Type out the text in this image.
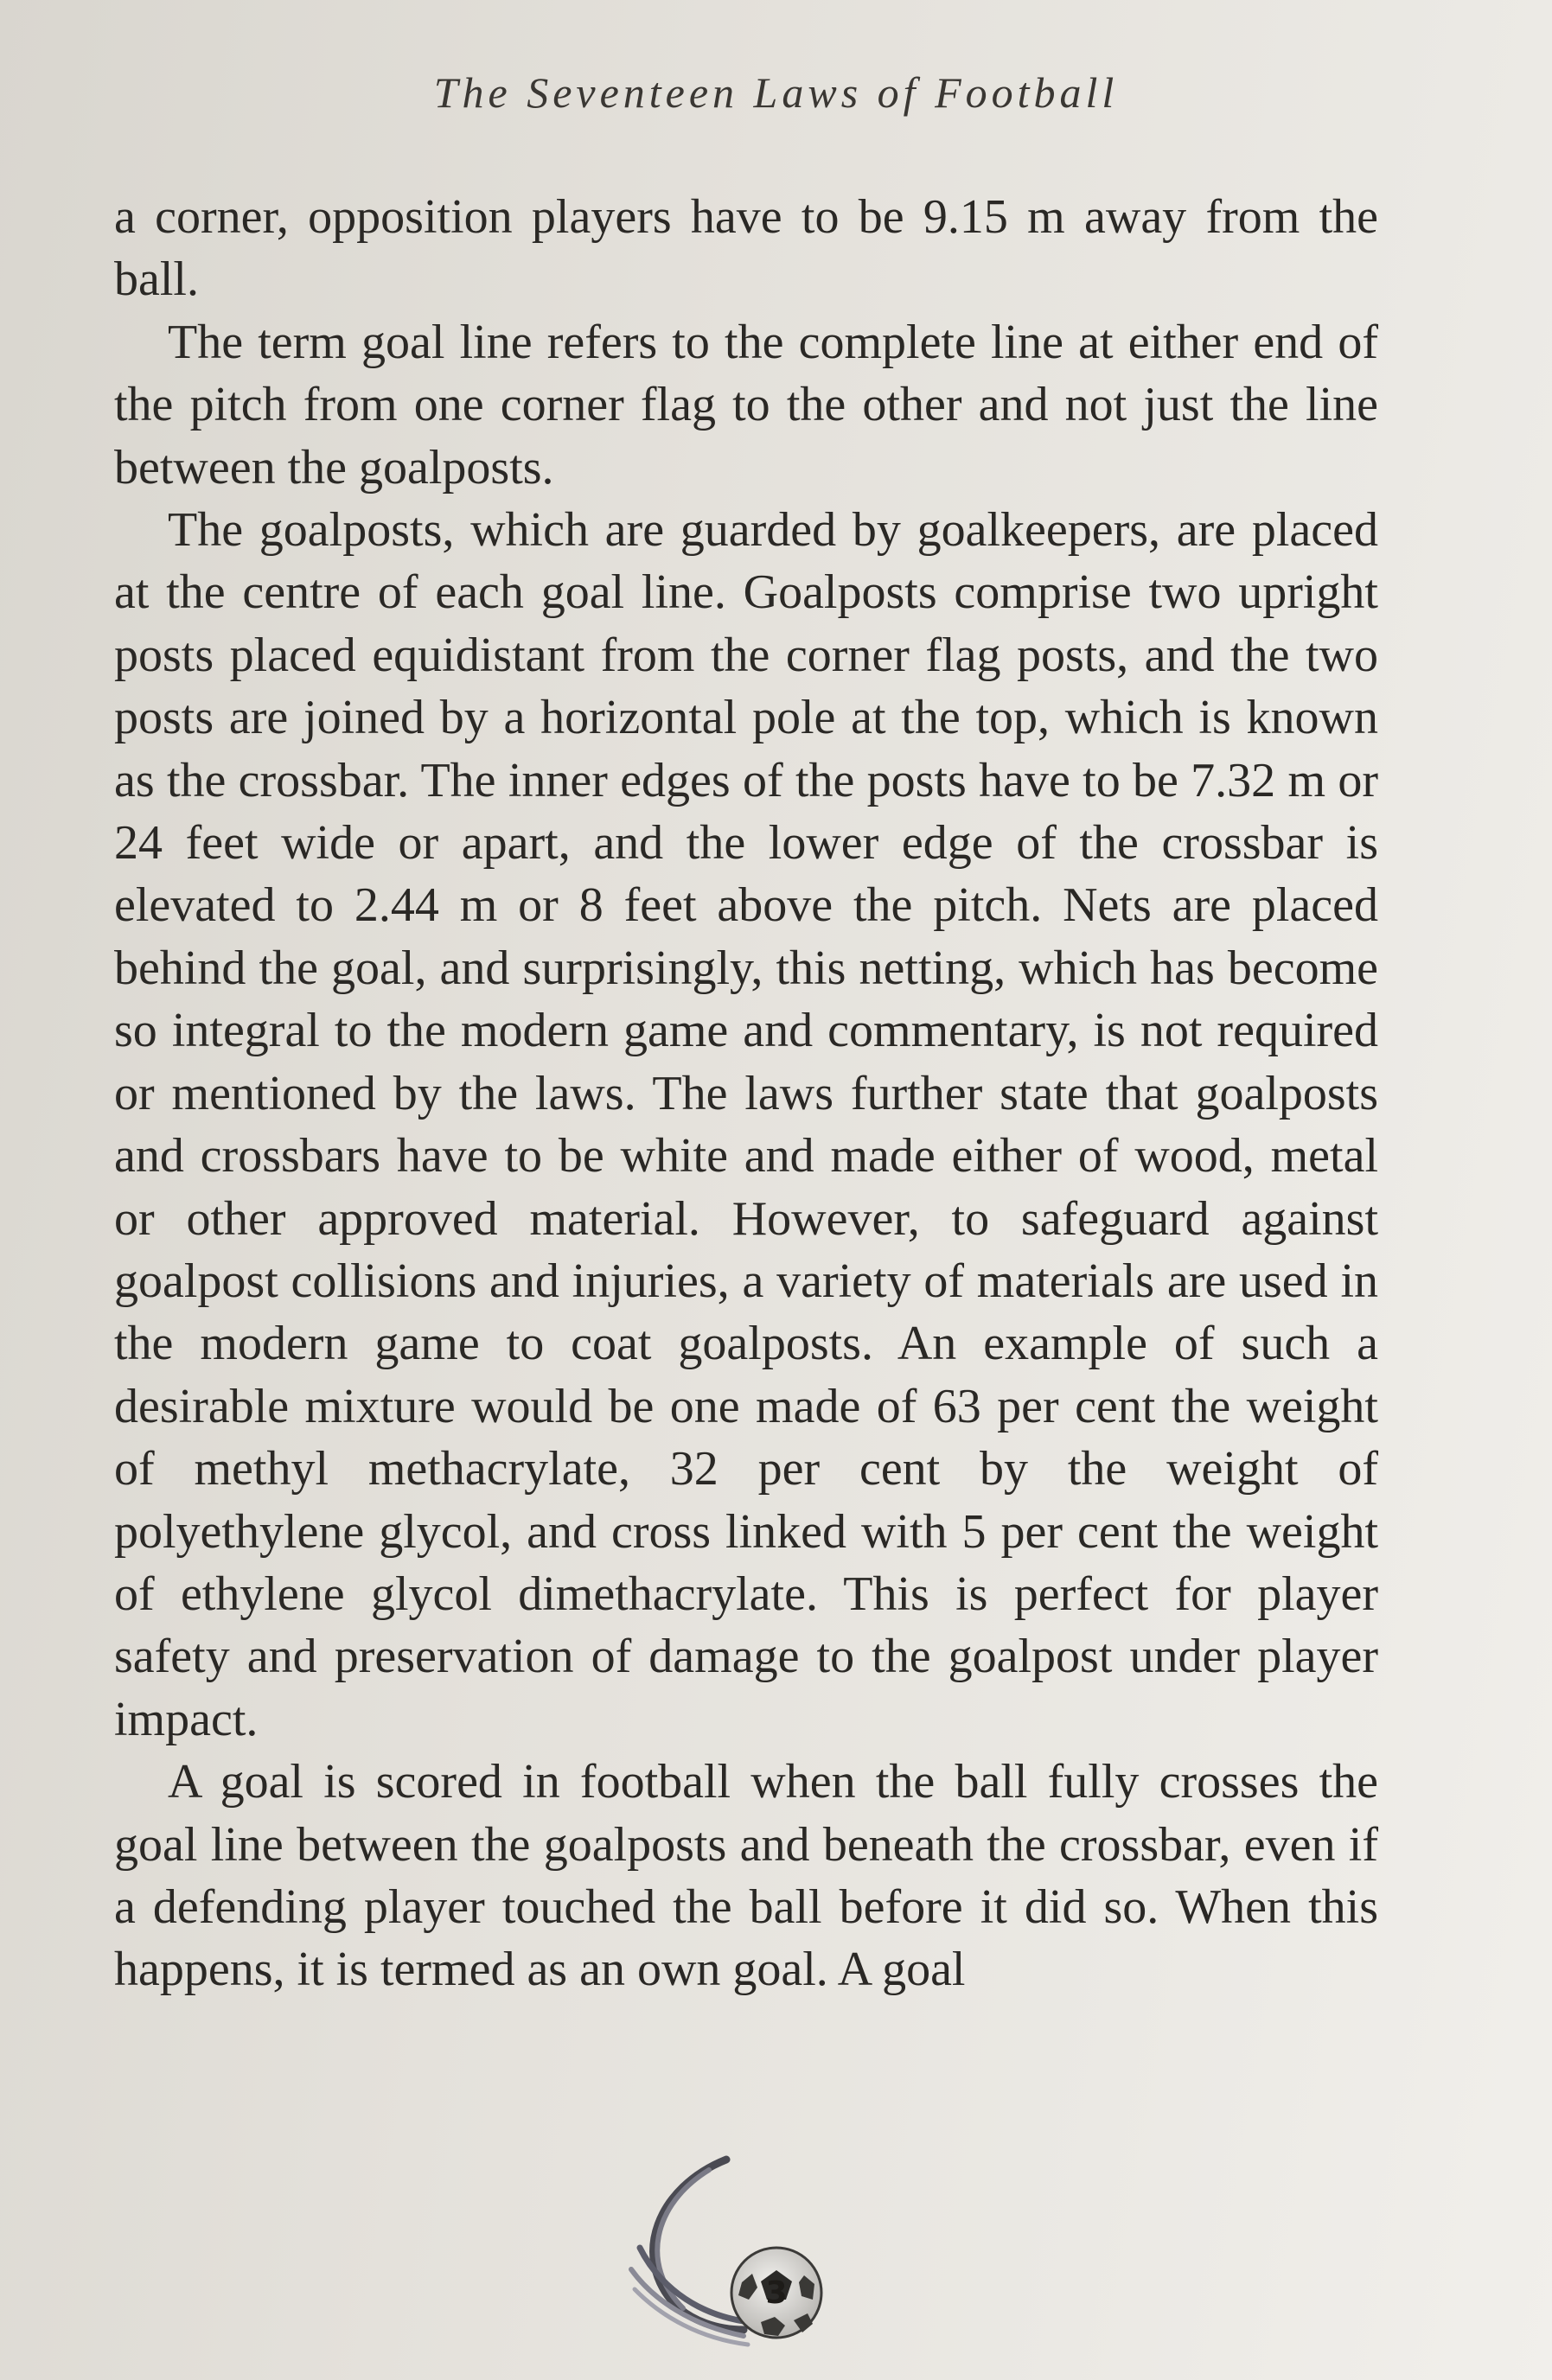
The Seventeen Laws of Football

a corner, opposition players have to be 9.15 m away from the ball.

The term goal line refers to the complete line at either end of the pitch from one corner flag to the other and not just the line between the goalposts.

The goalposts, which are guarded by goalkeepers, are placed at the centre of each goal line. Goalposts comprise two upright posts placed equidistant from the corner flag posts, and the two posts are joined by a horizontal pole at the top, which is known as the crossbar. The inner edges of the posts have to be 7.32 m or 24 feet wide or apart, and the lower edge of the crossbar is elevated to 2.44 m or 8 feet above the pitch. Nets are placed behind the goal, and surprisingly, this netting, which has become so integral to the modern game and commentary, is not required or mentioned by the laws. The laws further state that goalposts and crossbars have to be white and made either of wood, metal or other approved material. However, to safeguard against goalpost collisions and injuries, a variety of materials are used in the modern game to coat goalposts. An example of such a desirable mixture would be one made of 63 per cent the weight of methyl methacrylate, 32 per cent by the weight of polyethylene glycol, and cross linked with 5 per cent the weight of ethylene glycol dimethacrylate. This is perfect for player safety and preservation of damage to the goalpost under player impact.

A goal is scored in football when the ball fully crosses the goal line between the goalposts and beneath the crossbar, even if a defending player touched the ball before it did so. When this happens, it is termed as an own goal. A goal

3
